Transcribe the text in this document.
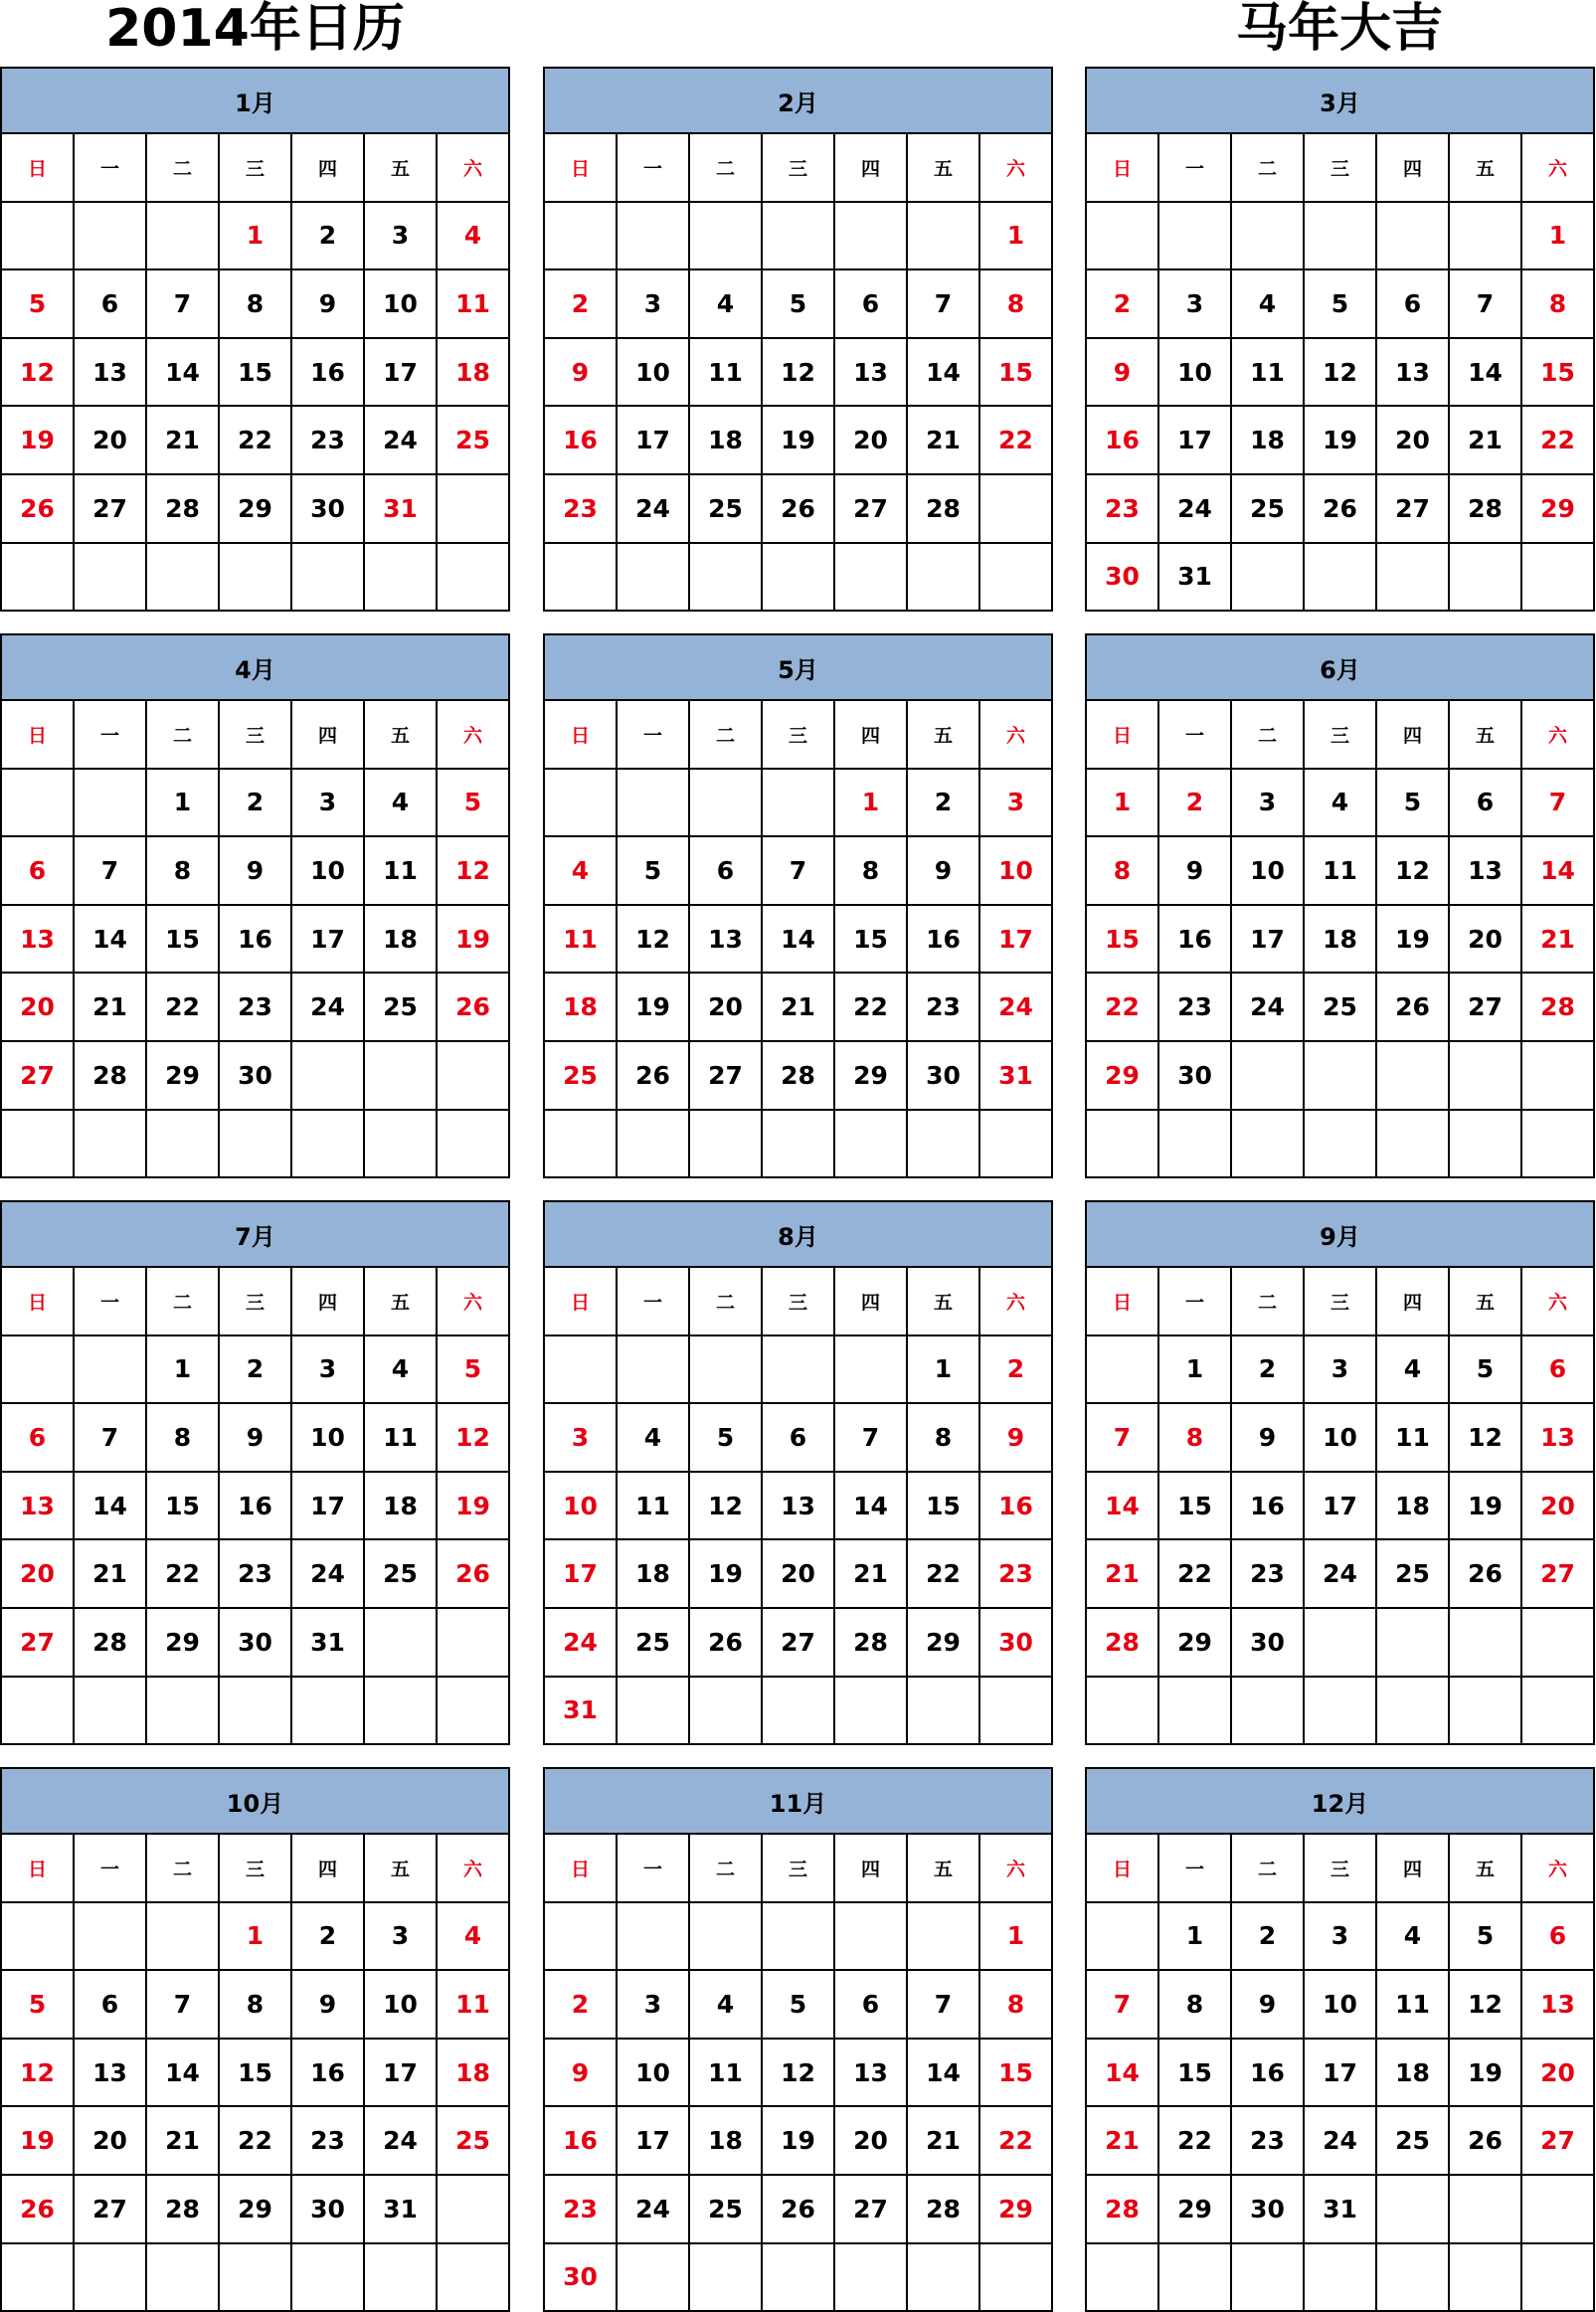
2014年日历	马年大吉
1月
日	一	二	三	四	五	六
			1	2	3	4
5	6	7	8	9	10	11
12	13	14	15	16	17	18
19	20	21	22	23	24	25
26	27	28	29	30	31	

2月
日	一	二	三	四	五	六
						1
2	3	4	5	6	7	8
9	10	11	12	13	14	15
16	17	18	19	20	21	22
23	24	25	26	27	28	

3月
日	一	二	三	四	五	六
						1
2	3	4	5	6	7	8
9	10	11	12	13	14	15
16	17	18	19	20	21	22
23	24	25	26	27	28	29
30	31					
4月
日	一	二	三	四	五	六
		1	2	3	4	5
6	7	8	9	10	11	12
13	14	15	16	17	18	19
20	21	22	23	24	25	26
27	28	29	30			

5月
日	一	二	三	四	五	六
				1	2	3
4	5	6	7	8	9	10
11	12	13	14	15	16	17
18	19	20	21	22	23	24
25	26	27	28	29	30	31

6月
日	一	二	三	四	五	六
1	2	3	4	5	6	7
8	9	10	11	12	13	14
15	16	17	18	19	20	21
22	23	24	25	26	27	28
29	30					

7月
日	一	二	三	四	五	六
		1	2	3	4	5
6	7	8	9	10	11	12
13	14	15	16	17	18	19
20	21	22	23	24	25	26
27	28	29	30	31		

8月
日	一	二	三	四	五	六
					1	2
3	4	5	6	7	8	9
10	11	12	13	14	15	16
17	18	19	20	21	22	23
24	25	26	27	28	29	30
31						
9月
日	一	二	三	四	五	六
	1	2	3	4	5	6
7	8	9	10	11	12	13
14	15	16	17	18	19	20
21	22	23	24	25	26	27
28	29	30				

10月
日	一	二	三	四	五	六
			1	2	3	4
5	6	7	8	9	10	11
12	13	14	15	16	17	18
19	20	21	22	23	24	25
26	27	28	29	30	31	

11月
日	一	二	三	四	五	六
						1
2	3	4	5	6	7	8
9	10	11	12	13	14	15
16	17	18	19	20	21	22
23	24	25	26	27	28	29
30						
12月
日	一	二	三	四	五	六
	1	2	3	4	5	6
7	8	9	10	11	12	13
14	15	16	17	18	19	20
21	22	23	24	25	26	27
28	29	30	31			
